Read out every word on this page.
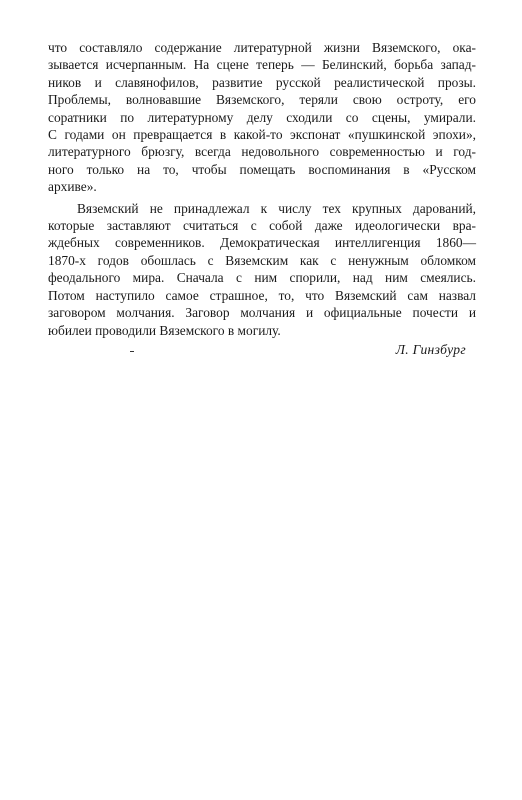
что составляло содержание литературной жизни Вяземского, ока-
зывается исчерпанным. На сцене теперь — Белинский, борьба запад-
ников и славянофилов, развитие русской реалистической прозы.
Проблемы, волновавшие Вяземского, теряли свою остроту, его
соратники по литературному делу сходили со сцены, умирали.
С годами он превращается в какой-то экспонат «пушкинской эпохи»,
литературного брюзгу, всегда недовольного современностью и год-
ного только на то, чтобы помещать воспоминания в «Русском
архиве».
Вяземский не принадлежал к числу тех крупных дарований,
которые заставляют считаться с собой даже идеологически вра-
ждебных современников. Демократическая интеллигенция 1860—
1870-х годов обошлась с Вяземским как с ненужным обломком
феодального мира. Сначала с ним спорили, над ним смеялись.
Потом наступило самое страшное, то, что Вяземский сам назвал
заговором молчания. Заговор молчания и официальные почести и
юбилеи проводили Вяземского в могилу.
Л. Гинзбург
